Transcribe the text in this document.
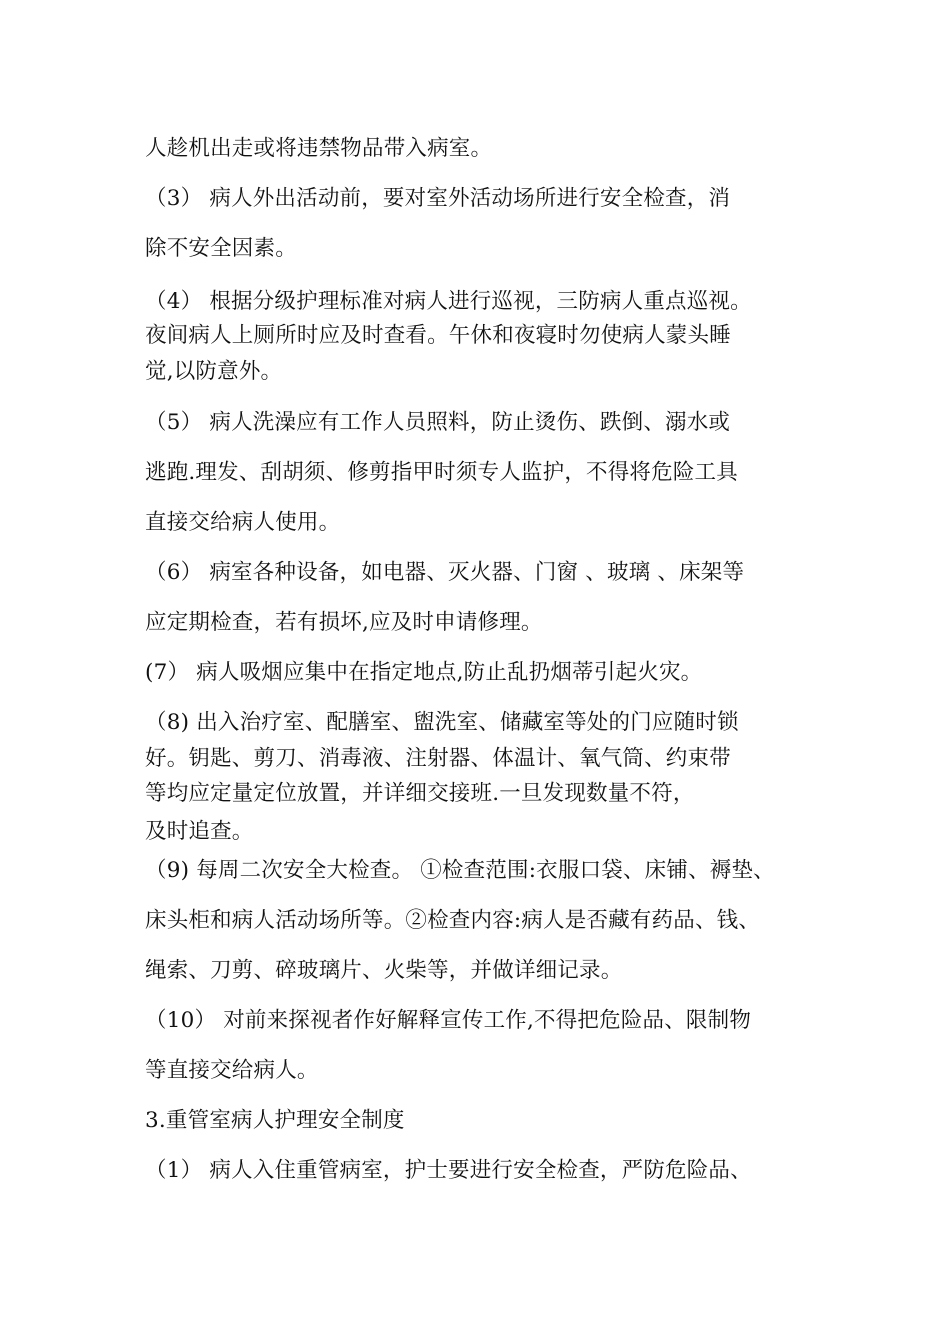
人趁机出走或将违禁物品带入病室。
（3） 病人外出活动前，要对室外活动场所进行安全检查，消
除不安全因素。
（4） 根据分级护理标准对病人进行巡视，三防病人重点巡视。
夜间病人上厕所时应及时查看。午休和夜寝时勿使病人蒙头睡
觉,以防意外。
（5） 病人洗澡应有工作人员照料，防止烫伤、跌倒、溺水或
逃跑.理发、刮胡须、修剪指甲时须专人监护，不得将危险工具
直接交给病人使用。
（6） 病室各种设备，如电器、灭火器、门窗 、玻璃 、床架等
应定期检查，若有损坏,应及时申请修理。
(7） 病人吸烟应集中在指定地点,防止乱扔烟蒂引起火灾。
（8) 出入治疗室、配膳室、盥洗室、储藏室等处的门应随时锁
好。钥匙、剪刀、消毒液、注射器、体温计、氧气筒、约束带
等均应定量定位放置，并详细交接班.一旦发现数量不符，
及时追查。
（9) 每周二次安全大检查。 ①检查范围:衣服口袋、床铺、褥垫、
床头柜和病人活动场所等。②检查内容:病人是否藏有药品、钱、
绳索、刀剪、碎玻璃片、火柴等，并做详细记录。
（10） 对前来探视者作好解释宣传工作,不得把危险品、限制物
等直接交给病人。
3.重管室病人护理安全制度
（1） 病人入住重管病室，护士要进行安全检查，严防危险品、
